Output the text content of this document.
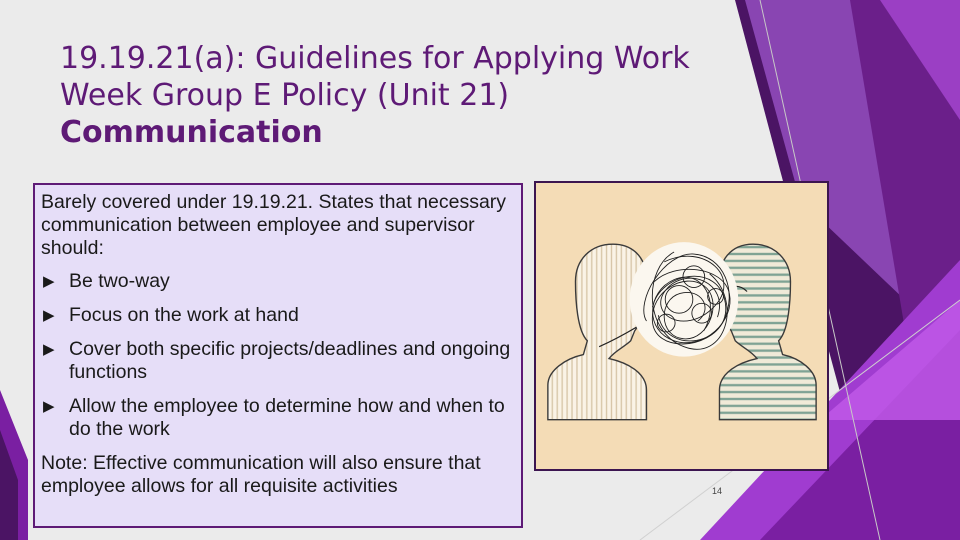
19.19.21(a): Guidelines for Applying Work
Week Group E Policy (Unit 21)
Communication

Barely covered under 19.19.21. States that necessary communication between employee and supervisor should:

▶ Be two-way
▶ Focus on the work at hand
▶ Cover both specific projects/deadlines and ongoing functions
▶ Allow the employee to determine how and when to do the work

Note: Effective communication will also ensure that employee allows for all requisite activities	14
